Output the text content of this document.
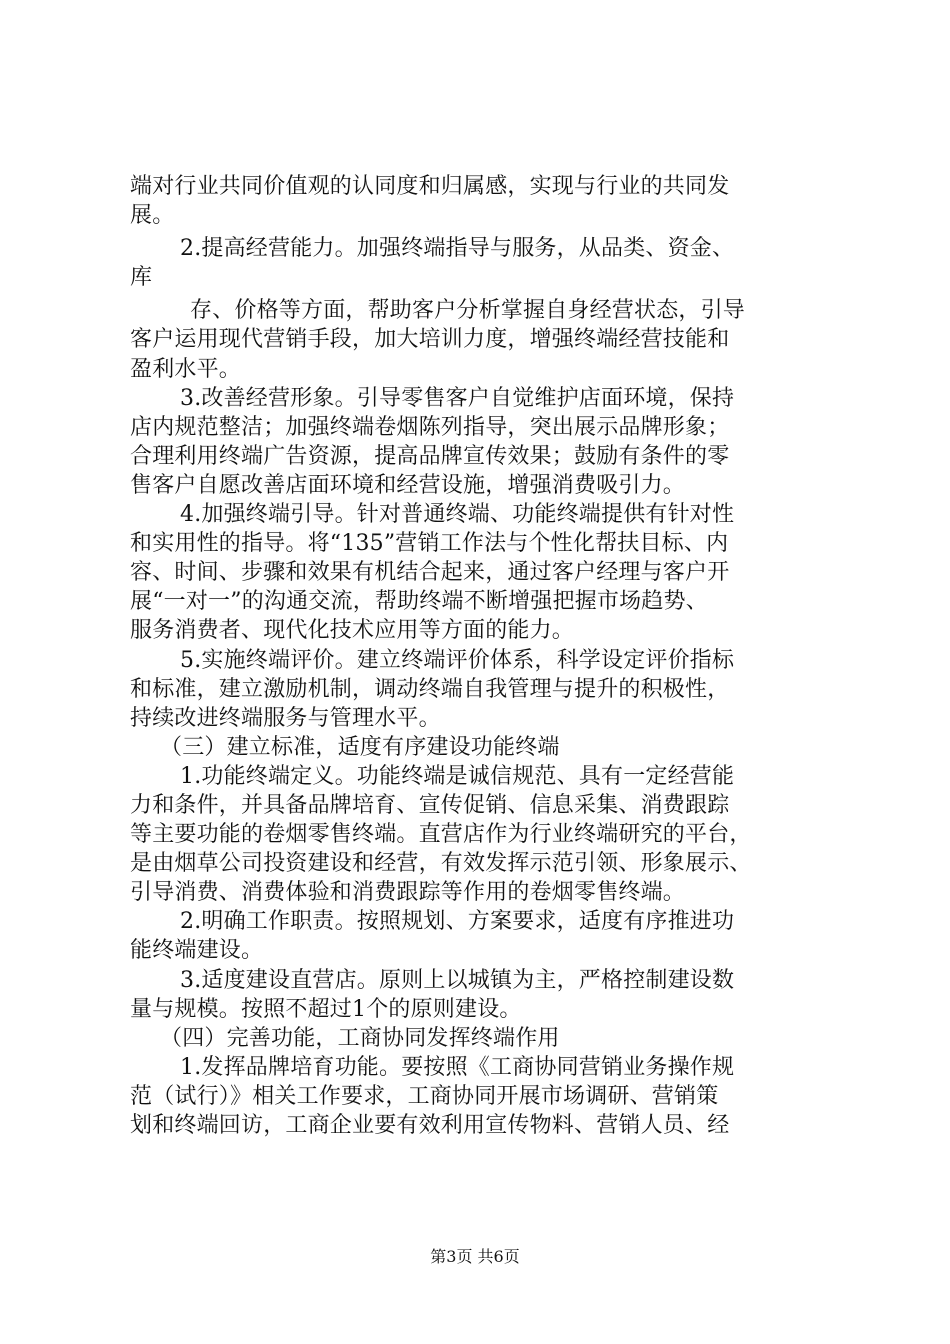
端对行业共同价值观的认同度和归属感，实现与行业的共同发
展。
2.提高经营能力。加强终端指导与服务，从品类、资金、
库
存、价格等方面，帮助客户分析掌握自身经营状态，引导
客户运用现代营销手段，加大培训力度，增强终端经营技能和
盈利水平。
3.改善经营形象。引导零售客户自觉维护店面环境，保持
店内规范整洁；加强终端卷烟陈列指导，突出展示品牌形象；
合理利用终端广告资源，提高品牌宣传效果；鼓励有条件的零
售客户自愿改善店面环境和经营设施，增强消费吸引力。
4.加强终端引导。针对普通终端、功能终端提供有针对性
和实用性的指导。将“135”营销工作法与个性化帮扶目标、内
容、时间、步骤和效果有机结合起来，通过客户经理与客户开
展“一对一”的沟通交流，帮助终端不断增强把握市场趋势、
服务消费者、现代化技术应用等方面的能力。
5.实施终端评价。建立终端评价体系，科学设定评价指标
和标准，建立激励机制，调动终端自我管理与提升的积极性，
持续改进终端服务与管理水平。
（三）建立标准，适度有序建设功能终端
1.功能终端定义。功能终端是诚信规范、具有一定经营能
力和条件，并具备品牌培育、宣传促销、信息采集、消费跟踪
等主要功能的卷烟零售终端。直营店作为行业终端研究的平台，
是由烟草公司投资建设和经营，有效发挥示范引领、形象展示、
引导消费、消费体验和消费跟踪等作用的卷烟零售终端。
2.明确工作职责。按照规划、方案要求，适度有序推进功
能终端建设。
3.适度建设直营店。原则上以城镇为主，严格控制建设数
量与规模。按照不超过1个的原则建设。
（四）完善功能，工商协同发挥终端作用
1.发挥品牌培育功能。要按照《工商协同营销业务操作规
范（试行）》相关工作要求，工商协同开展市场调研、营销策
划和终端回访，工商企业要有效利用宣传物料、营销人员、经
第3页 共6页
